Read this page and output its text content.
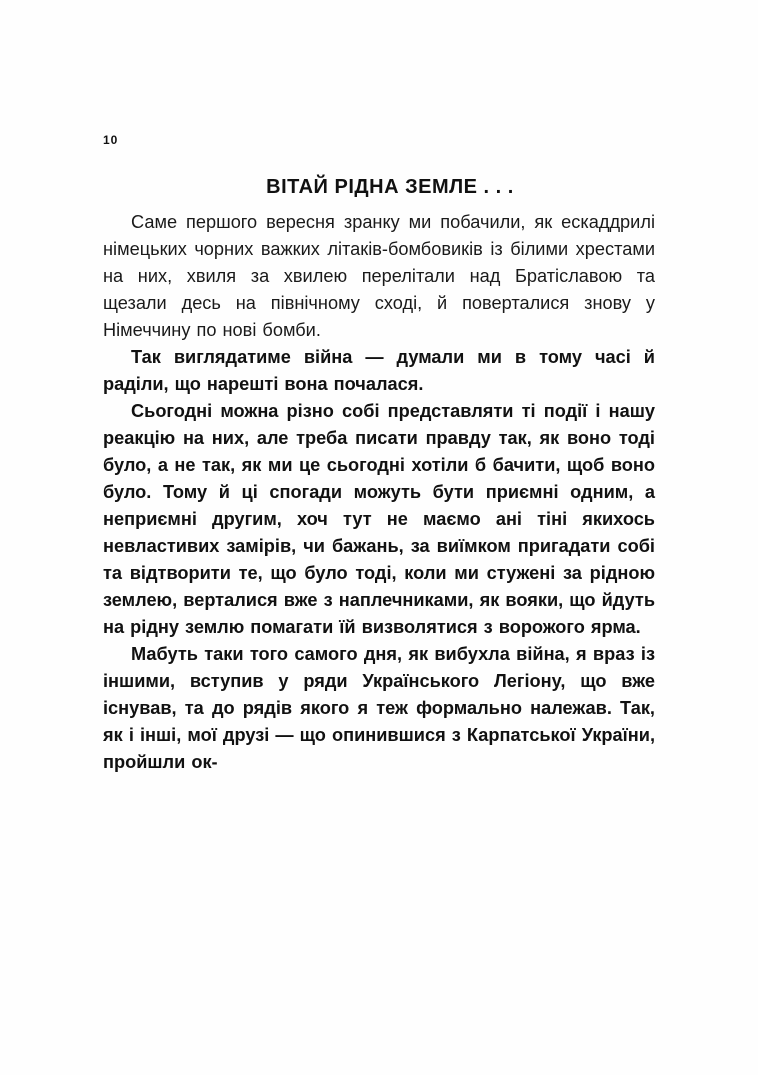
10
ВІТАЙ РІДНА ЗЕМЛЕ . . .

Саме першого вересня зранку ми побачили, як ескаддрилі німецьких чорних важких літаків-бомбовиків із білими хрестами на них, хвиля за хвилею перелітали над Братіславою та щезали десь на північному сході, й поверталися знову у Німеччину по нові бомби.

Так виглядатиме війна — думали ми в тому часі й раділи, що нарешті вона почалася.

Сьогодні можна різно собі представляти ті події і нашу реакцію на них, але треба писати правду так, як воно тоді було, а не так, як ми це сьогодні хотіли б бачити, щоб воно було. Тому й ці спогади можуть бути приємні одним, а неприємні другим, хоч тут не маємо ані тіні якихось невластивих замірів, чи бажань, за виїмком пригадати собі та відтворити те, що було тоді, коли ми стужені за рідною землею, верталися вже з наплечниками, як вояки, що йдуть на рідну землю помагати їй визволятися з ворожого ярма.

Мабуть таки того самого дня, як вибухла війна, я враз із іншими, вступив у ряди Українського Легіону, що вже існував, та до рядів якого я теж формально належав. Так, як і інші, мої друзі — що опинившися з Карпатської України, пройшли ок-
